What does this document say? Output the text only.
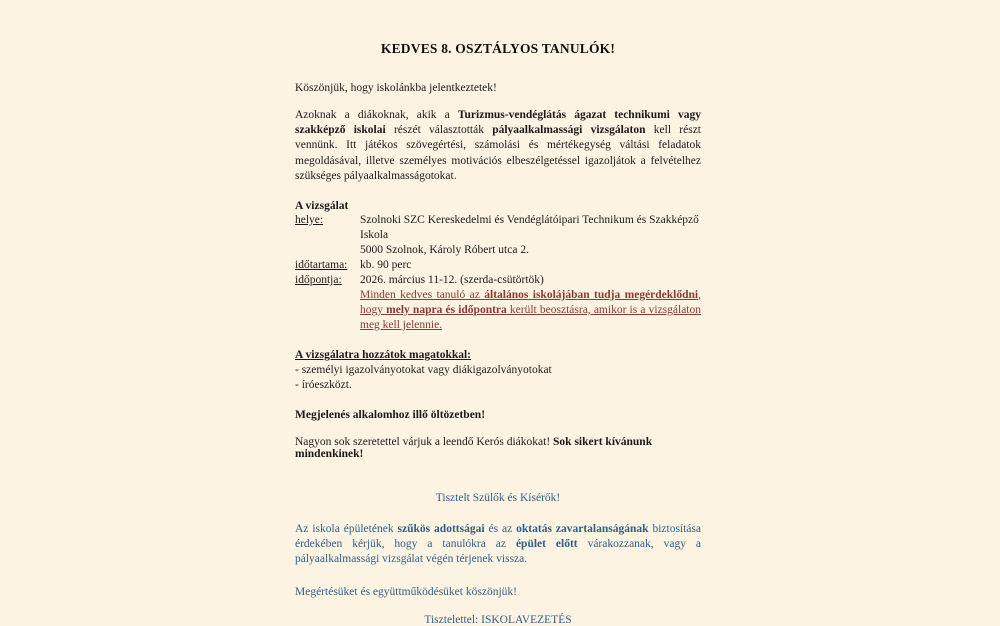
KEDVES 8. OSZTÁLYOS TANULÓK!
Köszönjük, hogy iskolánkba jelentkeztetek!

Azoknak a diákoknak, akik a Turizmus-vendéglátás ágazat technikumi vagy szakképző iskolai részét választották pályaalkalmassági vizsgálaton kell részt vennünk. Itt játékos szövegértési, számolási és mértékegység váltási feladatok megoldásával, illetve személyes motivációs elbeszélgetéssel igazoljátok a felvételhez szükséges pályaalkalmasságotokat.

A vizsgálat
helye:	Szolnoki SZC Kereskedelmi és Vendéglátóipari Technikum és Szakképző Iskola
5000 Szolnok, Károly Róbert utca 2.

időtartama:	kb. 90 perc

időpontja:	2026. március 11-12. (szerda-csütörtök)
Minden kedves tanuló az általános iskolájában tudja megérdeklődni, hogy mely napra és időpontra került beosztásra, amikor is a vizsgálaton meg kell jelennie.
A vizsgálatra hozzátok magatokkal:
- személyi igazolványotokat vagy diákigazolványotokat
- íróeszközt.
Megjelenés alkalomhoz illő öltözetben!
Nagyon sok szeretettel várjuk a leendő Kerós diákokat! Sok sikert kívánunk mindenkinek!
Tisztelt Szülők és Kísérők!

Az iskola épületének szűkös adottságai és az oktatás zavartalanságának biztosítása érdekében kérjük, hogy a tanulókra az épület előtt várakozzanak, vagy a pályaalkalmassági vizsgálat végén térjenek vissza.

Megértésüket és együttműködésüket köszönjük!
Tisztelettel: ISKOLAVEZETÉS
